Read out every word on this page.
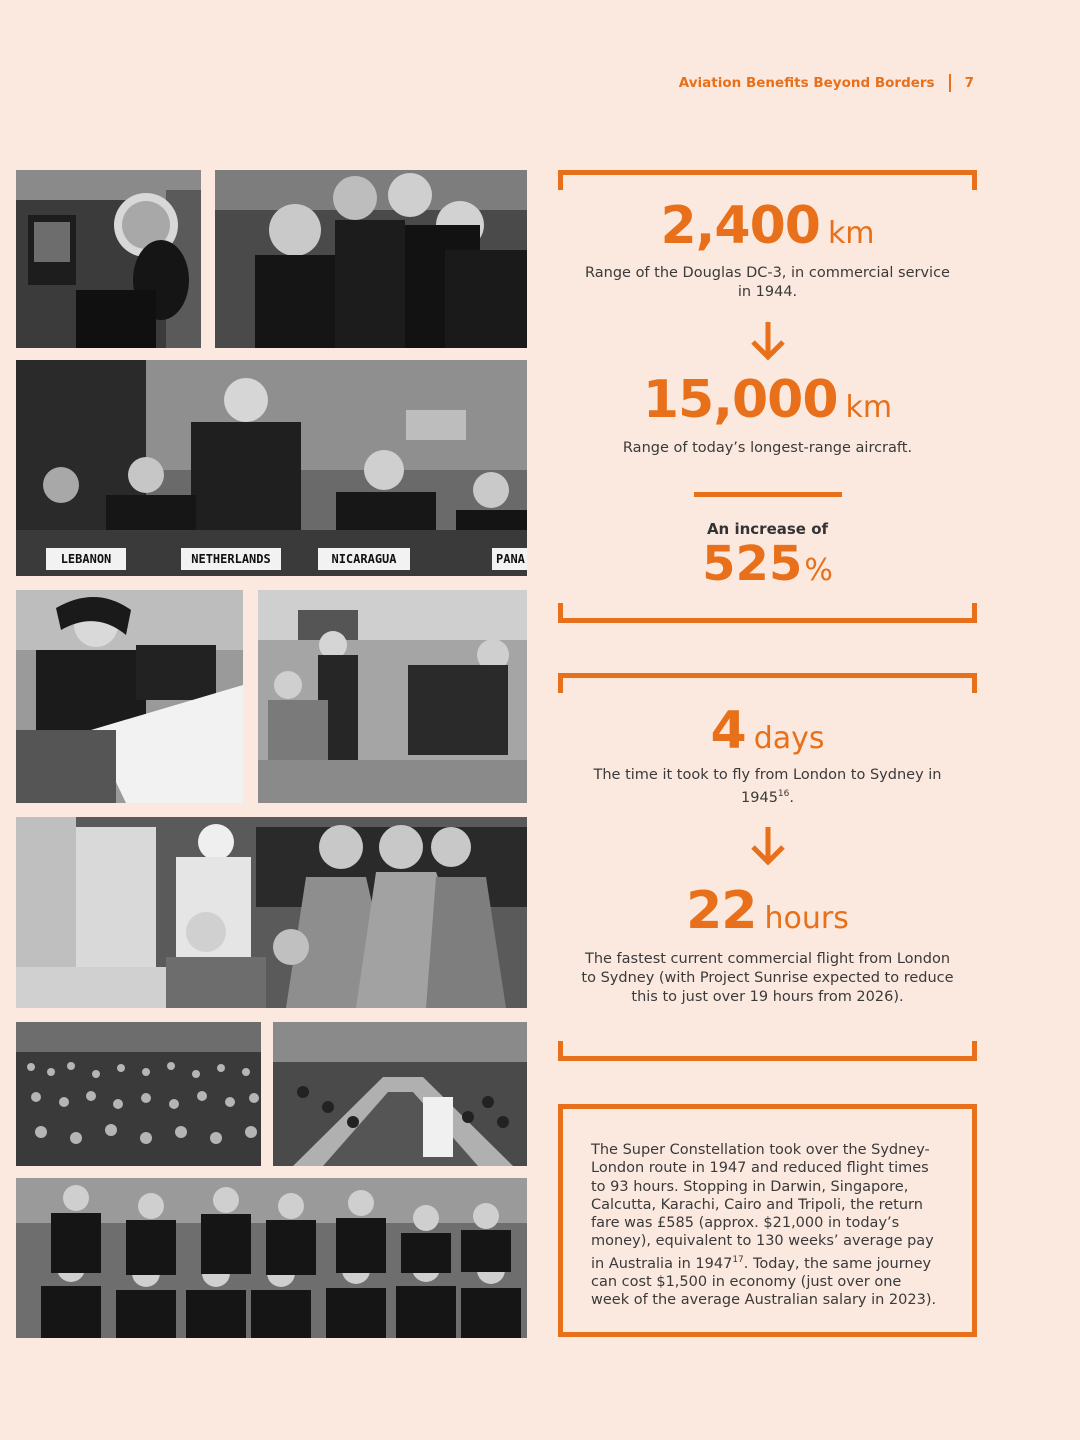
Aviation Benefits Beyond Borders 7
LEBANON	NETHERLANDS	NICARAGUA	PANA
2,400 km
Range of the Douglas DC-3, in commercial service in 1944.
15,000 km
Range of today’s longest-range aircraft.
An increase of
525%
4 days
The time it took to fly from London to Sydney in 1945$^{16}$.
22 hours
The fastest current commercial flight from London to Sydney (with Project Sunrise expected to reduce this to just over 19 hours from 2026).
The Super Constellation took over the Sydney-London route in 1947 and reduced flight times to 93 hours. Stopping in Darwin, Singapore, Calcutta, Karachi, Cairo and Tripoli, the return fare was £585 (approx. $21,000 in today’s money), equivalent to 130 weeks’ average pay in Australia in 1947$^{17}$. Today, the same journey can cost $1,500 in economy (just over one week of the average Australian salary in 2023).
